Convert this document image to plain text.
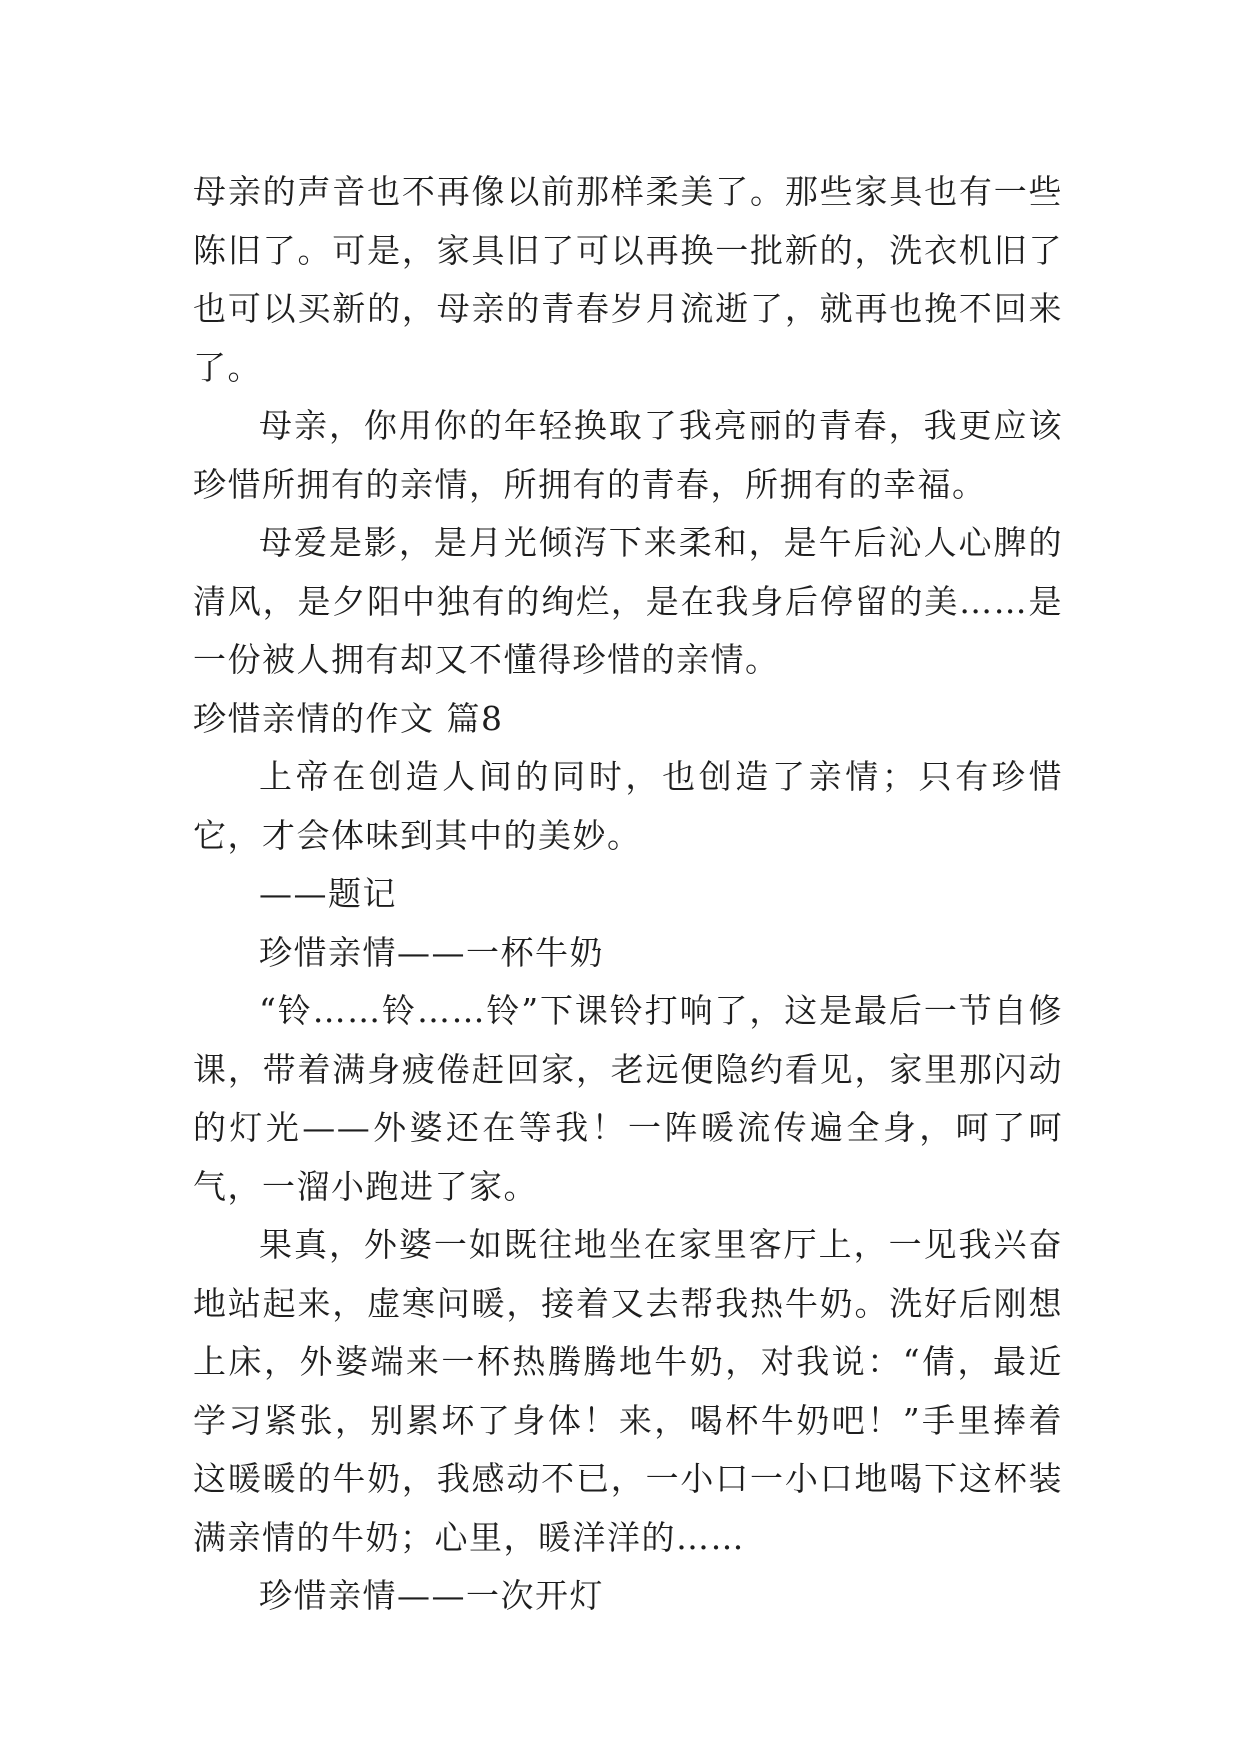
母亲的声音也不再像以前那样柔美了。那些家具也有一些陈旧了。可是，家具旧了可以再换一批新的，洗衣机旧了也可以买新的，母亲的青春岁月流逝了，就再也挽不回来了。

母亲，你用你的年轻换取了我亮丽的青春，我更应该珍惜所拥有的亲情，所拥有的青春，所拥有的幸福。

母爱是影，是月光倾泻下来柔和，是午后沁人心脾的清风，是夕阳中独有的绚烂，是在我身后停留的美……是一份被人拥有却又不懂得珍惜的亲情。

珍惜亲情的作文 篇8

上帝在创造人间的同时，也创造了亲情；只有珍惜它，才会体味到其中的美妙。

——题记

珍惜亲情——一杯牛奶

“铃……铃……铃”下课铃打响了，这是最后一节自修课，带着满身疲倦赶回家，老远便隐约看见，家里那闪动的灯光——外婆还在等我！一阵暖流传遍全身，呵了呵气，一溜小跑进了家。

果真，外婆一如既往地坐在家里客厅上，一见我兴奋地站起来，虚寒问暖，接着又去帮我热牛奶。洗好后刚想上床，外婆端来一杯热腾腾地牛奶，对我说：“倩，最近学习紧张，别累坏了身体！来，喝杯牛奶吧！”手里捧着这暖暖的牛奶，我感动不已，一小口一小口地喝下这杯装满亲情的牛奶；心里，暖洋洋的……

珍惜亲情——一次开灯
